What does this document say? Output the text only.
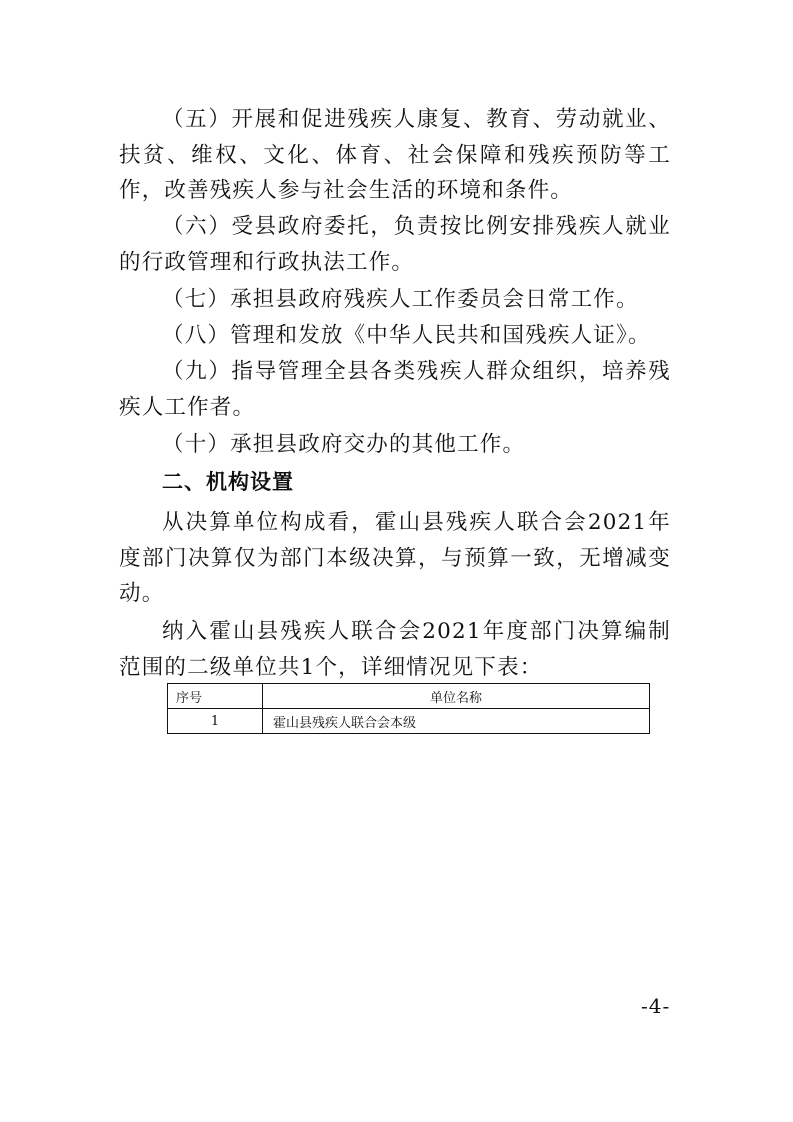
（五）开展和促进残疾人康复、教育、劳动就业、扶贫、维权、文化、体育、社会保障和残疾预防等工作，改善残疾人参与社会生活的环境和条件。

（六）受县政府委托，负责按比例安排残疾人就业的行政管理和行政执法工作。

（七）承担县政府残疾人工作委员会日常工作。

（八）管理和发放《中华人民共和国残疾人证》。

（九）指导管理全县各类残疾人群众组织，培养残疾人工作者。

（十）承担县政府交办的其他工作。

二、机构设置

从决算单位构成看，霍山县残疾人联合会2021年度部门决算仅为部门本级决算，与预算一致，无增减变动。

纳入霍山县残疾人联合会2021年度部门决算编制范围的二级单位共1个，详细情况见下表：

序号	单位名称
1	霍山县残疾人联合会本级
-4-
